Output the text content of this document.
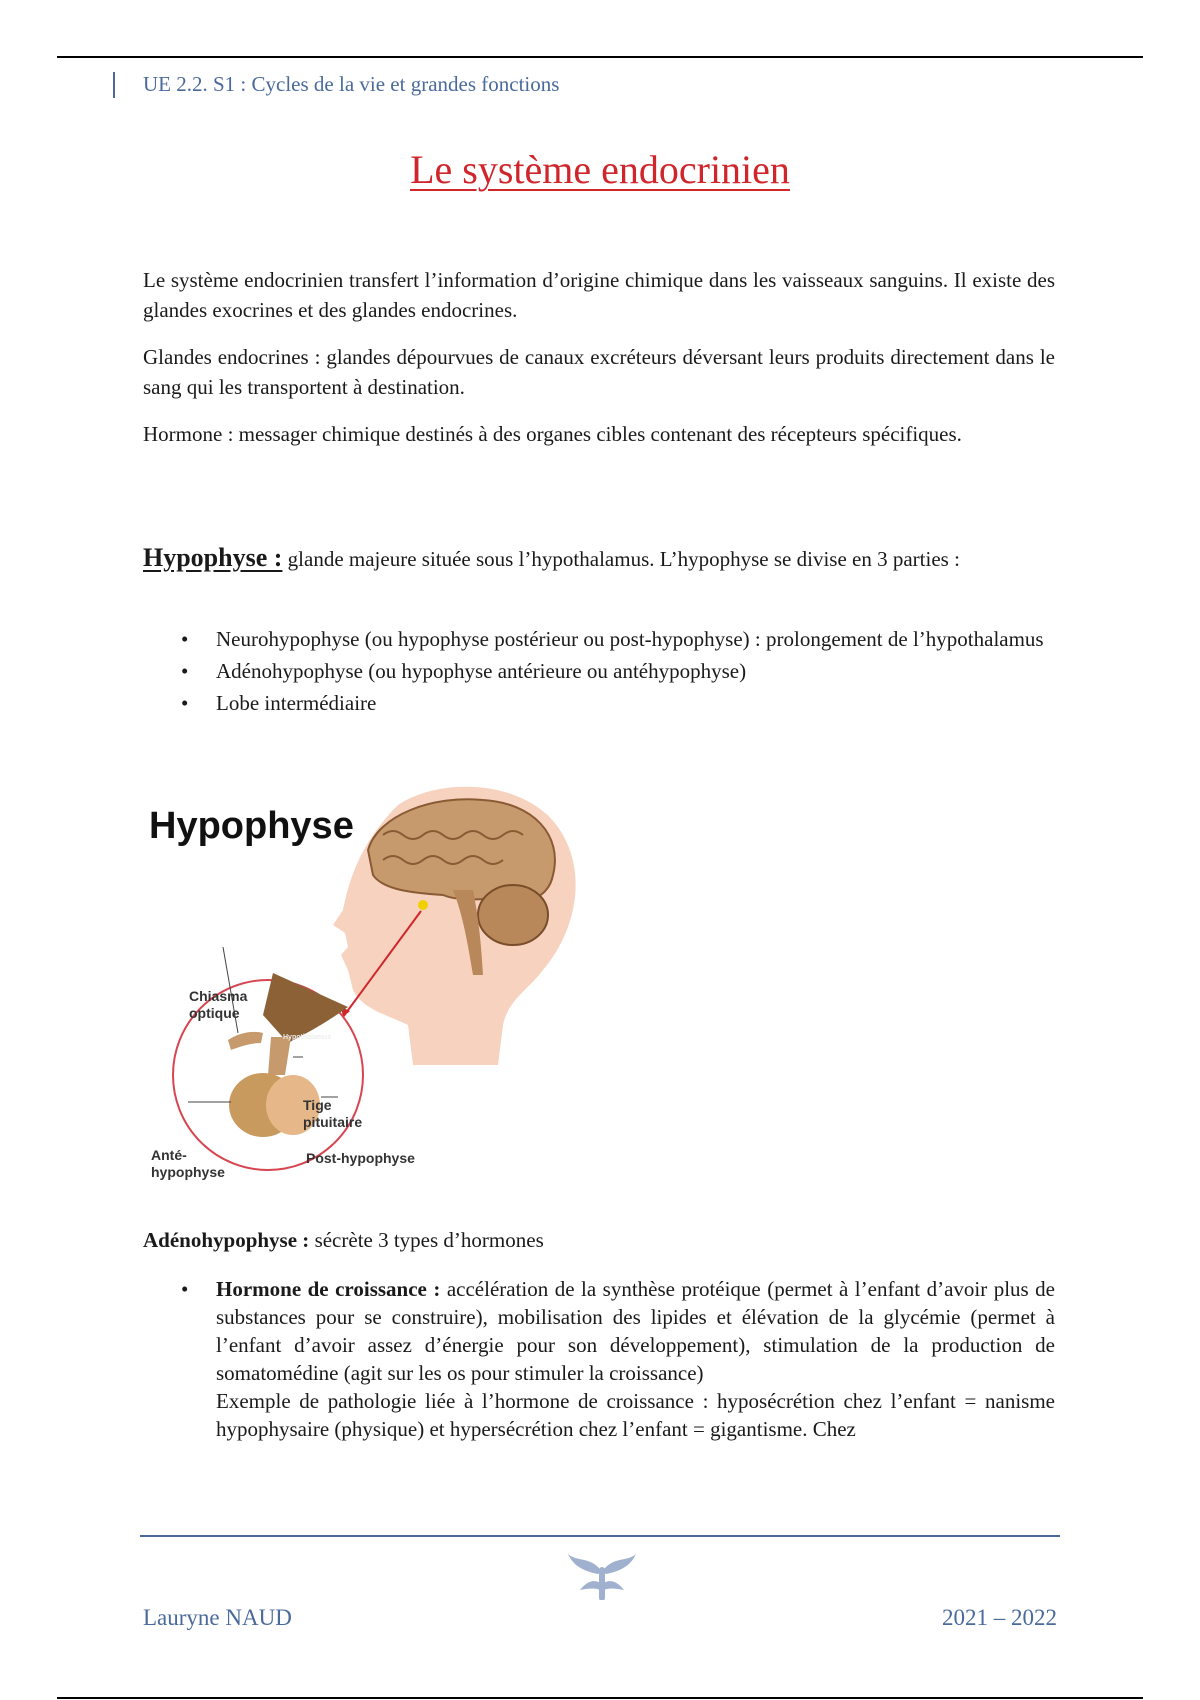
UE 2.2. S1 : Cycles de la vie et grandes fonctions
Le système endocrinien
Le système endocrinien transfert l’information d’origine chimique dans les vaisseaux sanguins. Il existe des glandes exocrines et des glandes endocrines.
Glandes endocrines : glandes dépourvues de canaux excréteurs déversant leurs produits directement dans le sang qui les transportent à destination.
Hormone : messager chimique destinés à des organes cibles contenant des récepteurs spécifiques.
Hypophyse : glande majeure située sous l’hypothalamus. L’hypophyse se divise en 3 parties :
• Neurohypophyse (ou hypophyse postérieur ou post-hypophyse) : prolongement de l’hypothalamus
• Adénohypophyse (ou hypophyse antérieure ou antéhypophyse)
• Lobe intermédiaire
Hypophyse
Chiasma optique
Hypothalamus
Tige pituitaire
Anté- hypophyse
Post-hypophyse
Adénohypophyse : sécrète 3 types d’hormones
• Hormone de croissance : accélération de la synthèse protéique (permet à l’enfant d’avoir plus de substances pour se construire), mobilisation des lipides et élévation de la glycémie (permet à l’enfant d’avoir assez d’énergie pour son développement), stimulation de la production de somatomédine (agit sur les os pour stimuler la croissance)
Exemple de pathologie liée à l’hormone de croissance : hyposécrétion chez l’enfant = nanisme hypophysaire (physique) et hypersécrétion chez l’enfant = gigantisme. Chez
Lauryne NAUD	2021 – 2022
